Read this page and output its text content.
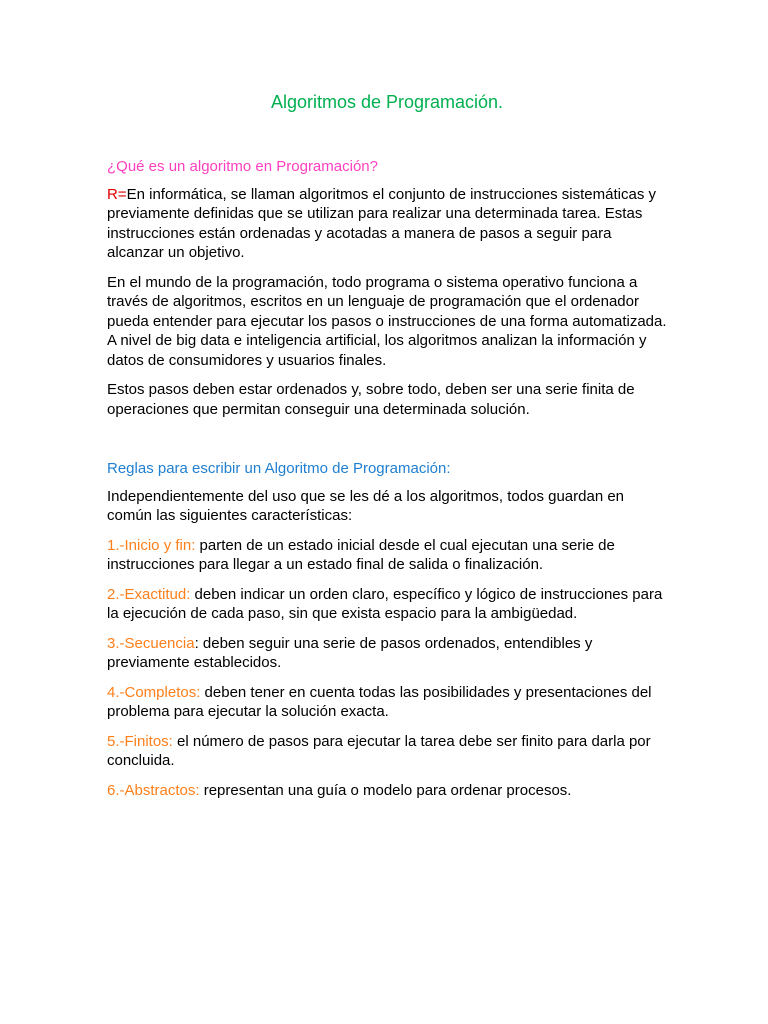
Algoritmos de Programación.
¿Qué es un algoritmo en Programación?

R=En informática, se llaman algoritmos el conjunto de instrucciones sistemáticas y previamente definidas que se utilizan para realizar una determinada tarea. Estas instrucciones están ordenadas y acotadas a manera de pasos a seguir para alcanzar un objetivo.

En el mundo de la programación, todo programa o sistema operativo funciona a través de algoritmos, escritos en un lenguaje de programación que el ordenador pueda entender para ejecutar los pasos o instrucciones de una forma automatizada. A nivel de big data e inteligencia artificial, los algoritmos analizan la información y datos de consumidores y usuarios finales.

Estos pasos deben estar ordenados y, sobre todo, deben ser una serie finita de operaciones que permitan conseguir una determinada solución.

Reglas para escribir un Algoritmo de Programación:

Independientemente del uso que se les dé a los algoritmos, todos guardan en común las siguientes características:

1.-Inicio y fin: parten de un estado inicial desde el cual ejecutan una serie de instrucciones para llegar a un estado final de salida o finalización.

2.-Exactitud: deben indicar un orden claro, específico y lógico de instrucciones para la ejecución de cada paso, sin que exista espacio para la ambigüedad.

3.-Secuencia: deben seguir una serie de pasos ordenados, entendibles y previamente establecidos.

4.-Completos: deben tener en cuenta todas las posibilidades y presentaciones del problema para ejecutar la solución exacta.

5.-Finitos: el número de pasos para ejecutar la tarea debe ser finito para darla por concluida.

6.-Abstractos: representan una guía o modelo para ordenar procesos.
